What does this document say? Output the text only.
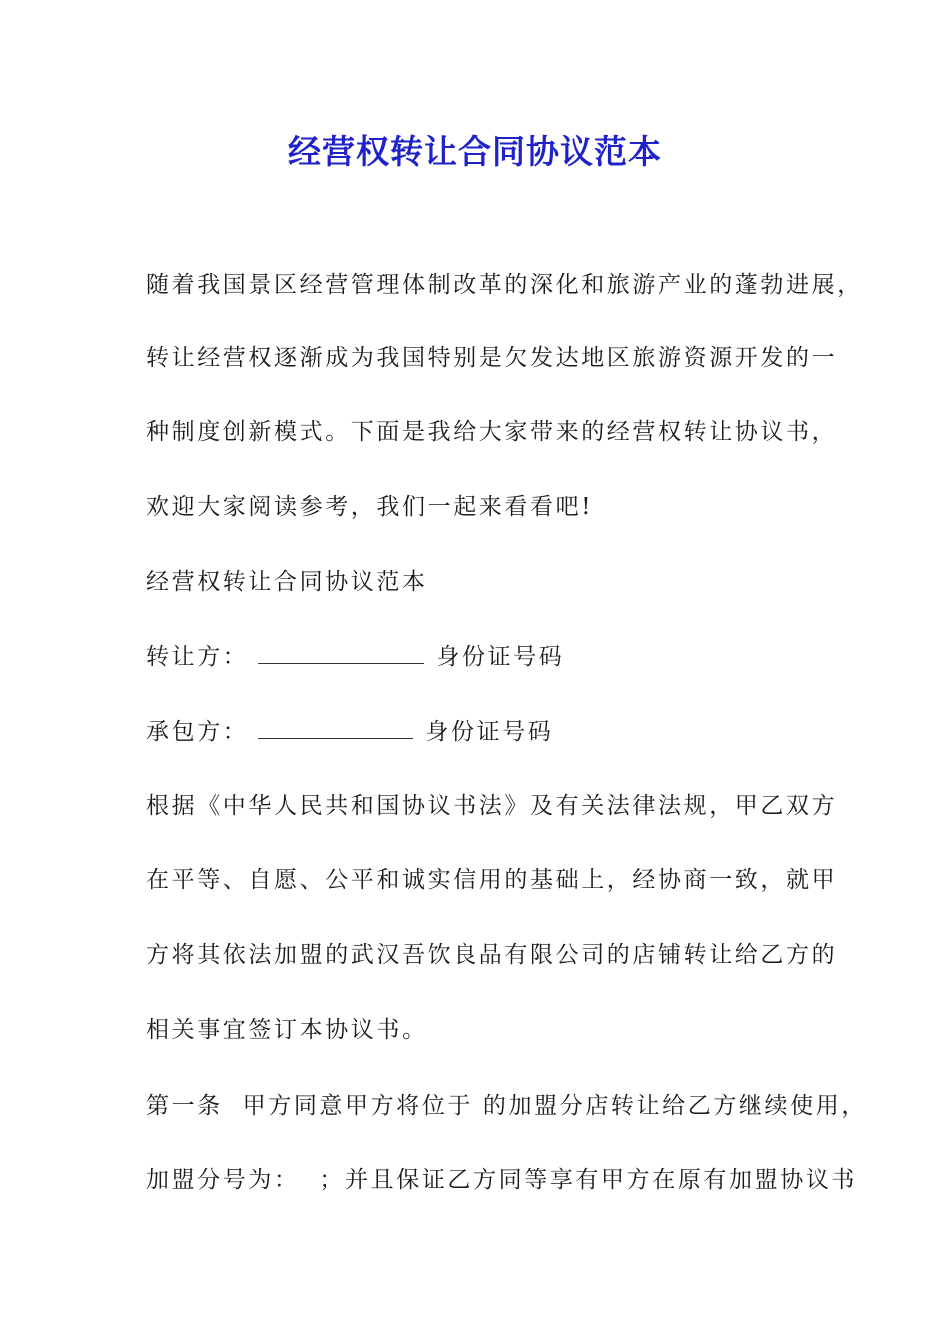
经营权转让合同协议范本

随着我国景区经营管理体制改革的深化和旅游产业的蓬勃进展，

转让经营权逐渐成为我国特别是欠发达地区旅游资源开发的一

种制度创新模式。下面是我给大家带来的经营权转让协议书，

欢迎大家阅读参考，我们一起来看看吧!

经营权转让合同协议范本

转让方：	身份证号码

承包方：	身份证号码

根据《中华人民共和国协议书法》及有关法律法规，甲乙双方

在平等、自愿、公平和诚实信用的基础上，经协商一致，就甲

方将其依法加盟的武汉吾饮良品有限公司的店铺转让给乙方的

相关事宜签订本协议书。

第一条  甲方同意甲方将位于 的加盟分店转让给乙方继续使用，

加盟分号为：  ；并且保证乙方同等享有甲方在原有加盟协议书
